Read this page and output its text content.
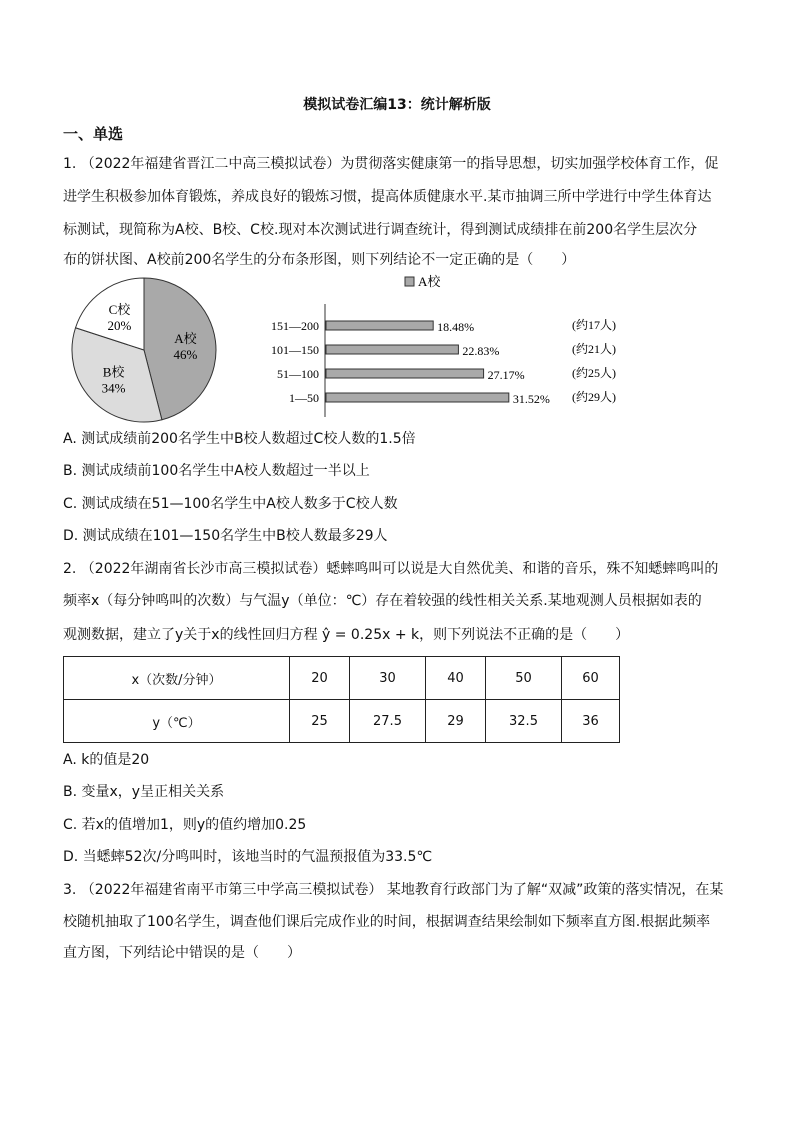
模拟试卷汇编13：统计解析版
一、单选
1. （2022年福建省晋江二中高三模拟试卷）为贯彻落实健康第一的指导思想，切实加强学校体育工作，促
进学生积极参加体育锻炼，养成良好的锻炼习惯，提高体质健康水平.某市抽调三所中学进行中学生体育达
标测试，现简称为A校、B校、C校.现对本次测试进行调查统计，得到测试成绩排在前200名学生层次分
布的饼状图、A校前200名学生的分布条形图，则下列结论不一定正确的是（　　）
A校
46%
B校
34%
C校
20%
A校
151—200	18.48%	(约17人)
101—150	22.83%	(约21人)
51—100	27.17%	(约25人)
1—50	31.52% (约29人)
A. 测试成绩前200名学生中B校人数超过C校人数的1.5倍
B. 测试成绩前100名学生中A校人数超过一半以上
C. 测试成绩在51—100名学生中A校人数多于C校人数
D. 测试成绩在101—150名学生中B校人数最多29人
2. （2022年湖南省长沙市高三模拟试卷）蟋蟀鸣叫可以说是大自然优美、和谐的音乐，殊不知蟋蟀鸣叫的
频率x（每分钟鸣叫的次数）与气温y（单位：℃）存在着较强的线性相关关系.某地观测人员根据如表的
观测数据，建立了y关于x的线性回归方程 ŷ = 0.25x + k，则下列说法不正确的是（　　）
x（次数/分钟）	20	30	40	50	60
y（℃）	25	27.5	29	32.5	36
A. k的值是20
B. 变量x，y呈正相关关系
C. 若x的值增加1，则y的值约增加0.25
D. 当蟋蟀52次/分鸣叫时，该地当时的气温预报值为33.5℃
3. （2022年福建省南平市第三中学高三模拟试卷） 某地教育行政部门为了解“双减”政策的落实情况，在某
校随机抽取了100名学生，调查他们课后完成作业的时间，根据调查结果绘制如下频率直方图.根据此频率
直方图，下列结论中错误的是（　　）
